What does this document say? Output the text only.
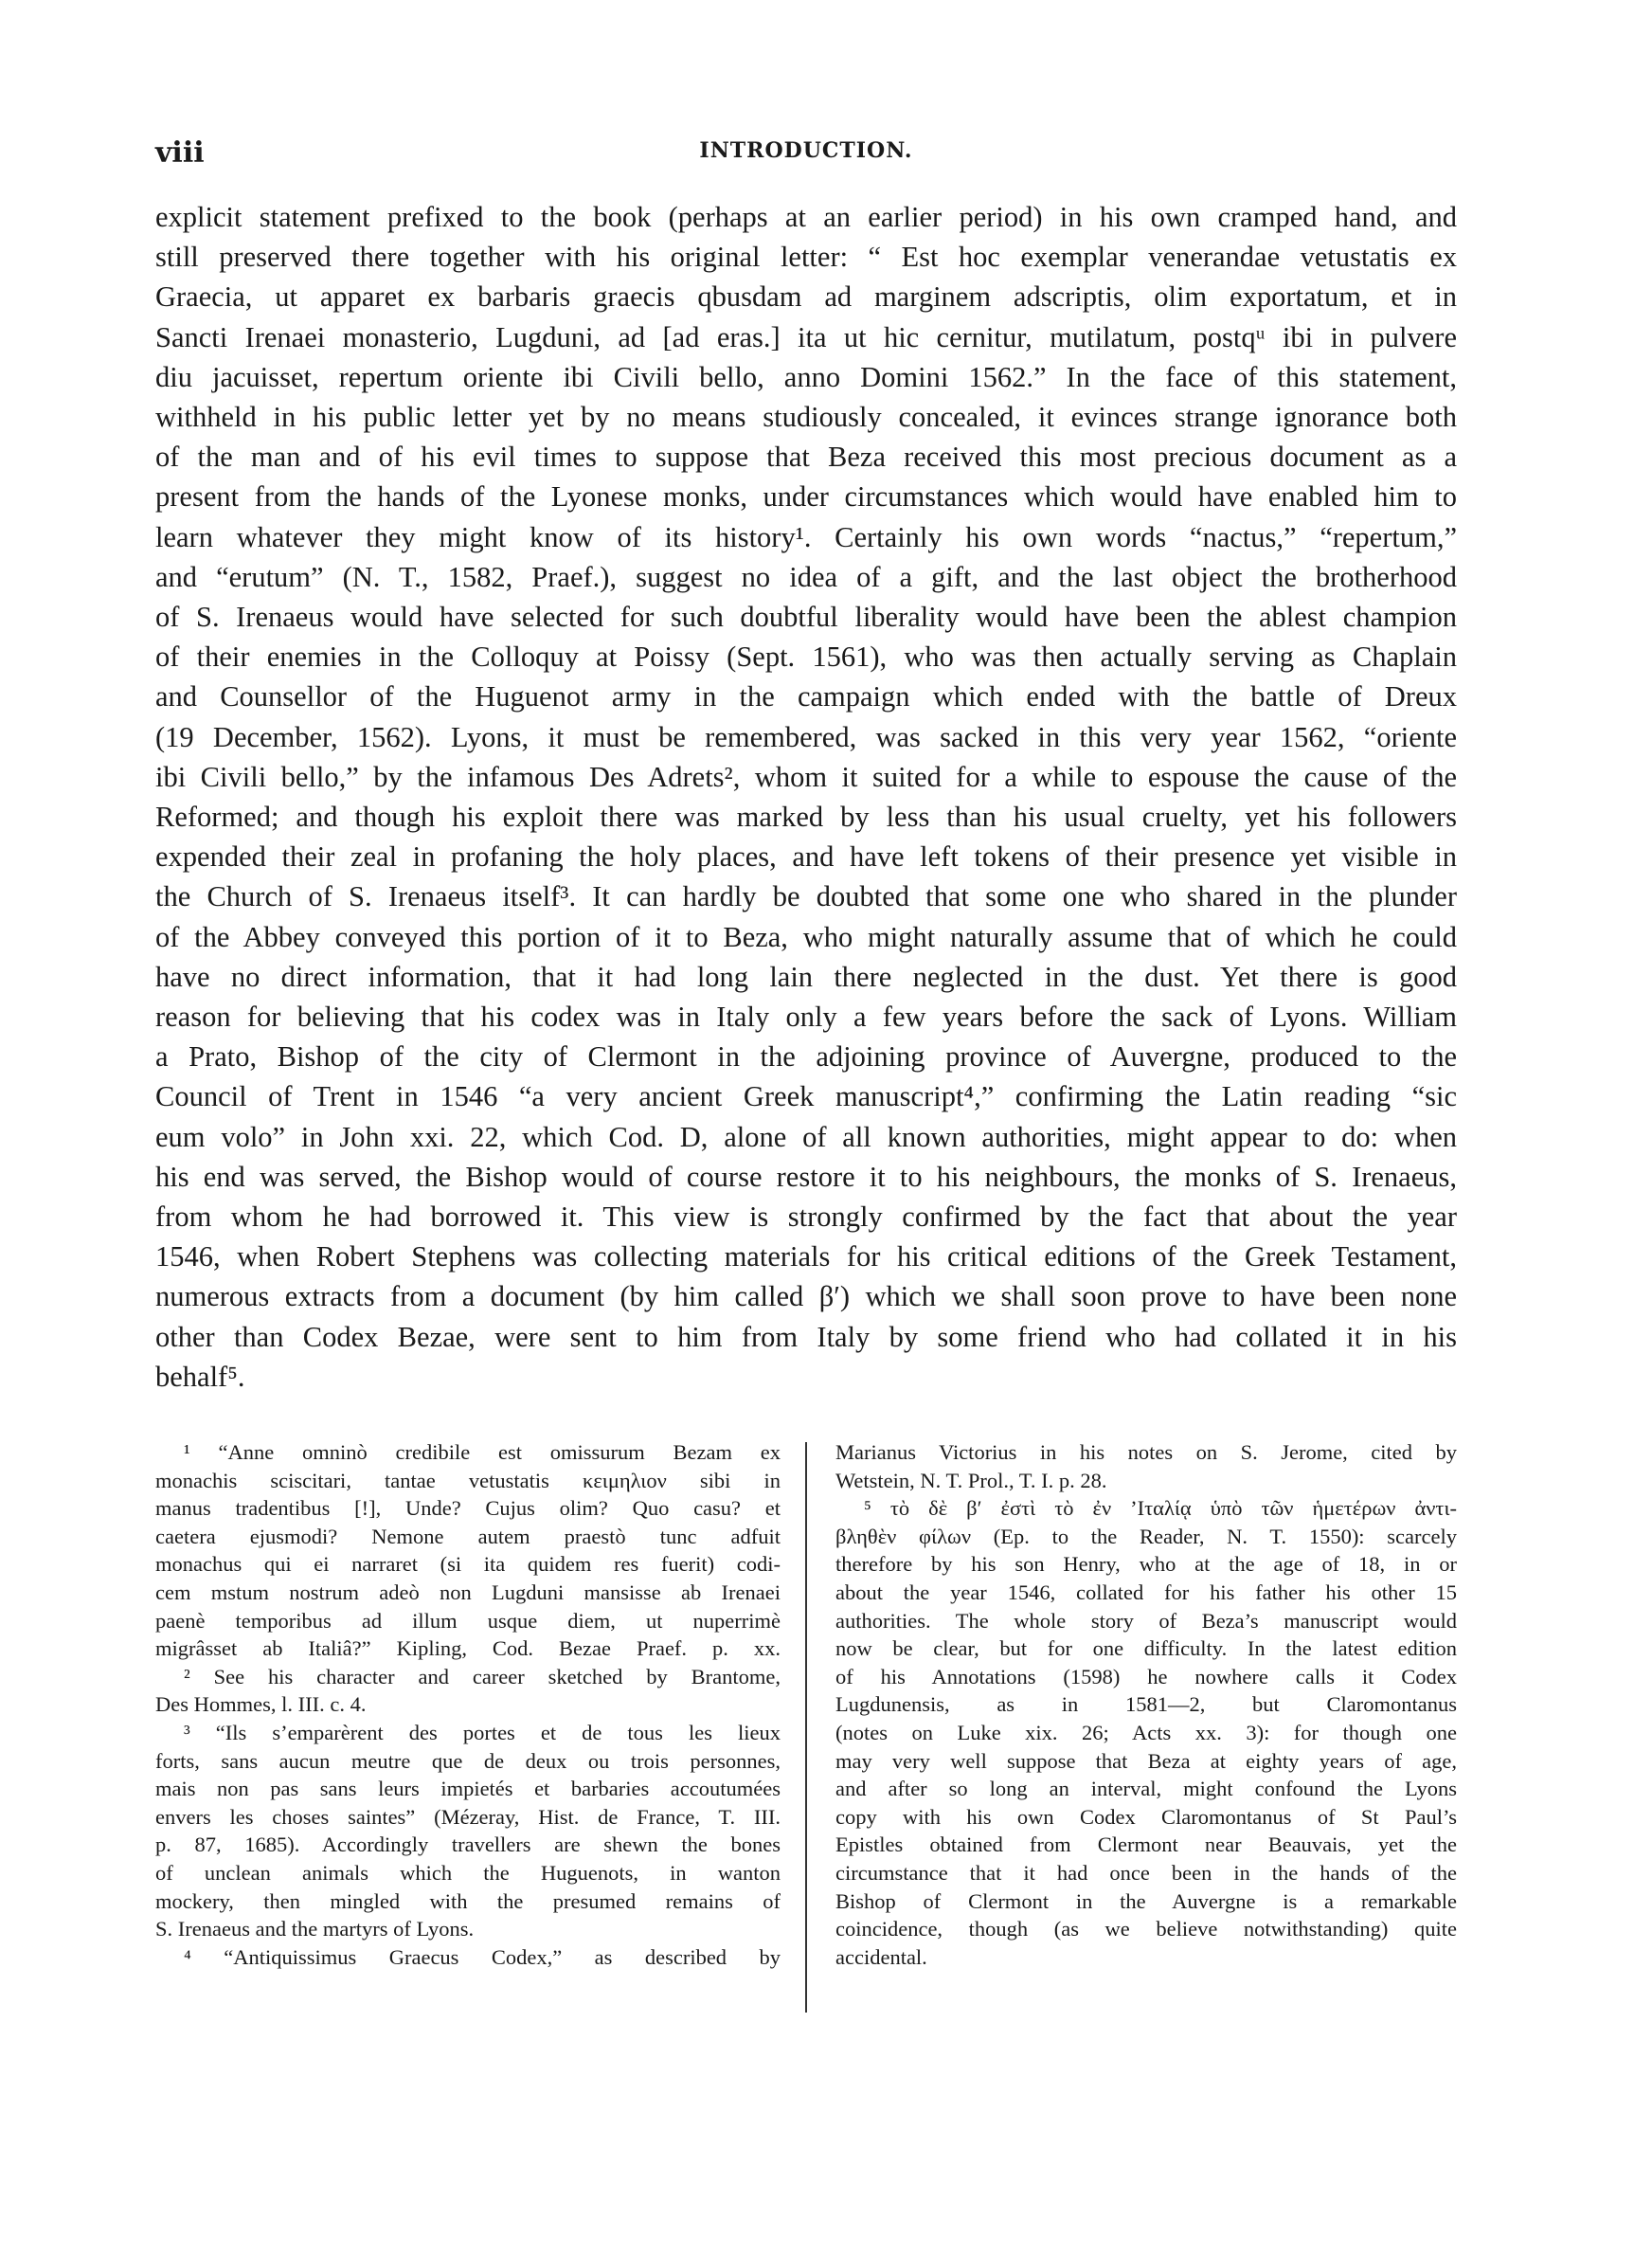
viii	INTRODUCTION.
explicit statement prefixed to the book (perhaps at an earlier period) in his own cramped hand, and
still preserved there together with his original letter: “ Est hoc exemplar venerandae vetustatis ex
Graecia, ut apparet ex barbaris graecis qbusdam ad marginem adscriptis, olim exportatum, et in
Sancti Irenaei monasterio, Lugduni, ad [ad eras.] ita ut hic cernitur, mutilatum, postqᵘ ibi in pulvere
diu jacuisset, repertum oriente ibi Civili bello, anno Domini 1562.” In the face of this statement,
withheld in his public letter yet by no means studiously concealed, it evinces strange ignorance both
of the man and of his evil times to suppose that Beza received this most precious document as a
present from the hands of the Lyonese monks, under circumstances which would have enabled him to
learn whatever they might know of its history¹. Certainly his own words “nactus,” “repertum,”
and “erutum” (N. T., 1582, Praef.), suggest no idea of a gift, and the last object the brotherhood
of S. Irenaeus would have selected for such doubtful liberality would have been the ablest champion
of their enemies in the Colloquy at Poissy (Sept. 1561), who was then actually serving as Chaplain
and Counsellor of the Huguenot army in the campaign which ended with the battle of Dreux
(19 December, 1562). Lyons, it must be remembered, was sacked in this very year 1562, “oriente
ibi Civili bello,” by the infamous Des Adrets², whom it suited for a while to espouse the cause of the
Reformed; and though his exploit there was marked by less than his usual cruelty, yet his followers
expended their zeal in profaning the holy places, and have left tokens of their presence yet visible in
the Church of S. Irenaeus itself³. It can hardly be doubted that some one who shared in the plunder
of the Abbey conveyed this portion of it to Beza, who might naturally assume that of which he could
have no direct information, that it had long lain there neglected in the dust. Yet there is good
reason for believing that his codex was in Italy only a few years before the sack of Lyons. William
a Prato, Bishop of the city of Clermont in the adjoining province of Auvergne, produced to the
Council of Trent in 1546 “a very ancient Greek manuscript⁴,” confirming the Latin reading “sic
eum volo” in John xxi. 22, which Cod. D, alone of all known authorities, might appear to do: when
his end was served, the Bishop would of course restore it to his neighbours, the monks of S. Irenaeus,
from whom he had borrowed it. This view is strongly confirmed by the fact that about the year
1546, when Robert Stephens was collecting materials for his critical editions of the Greek Testament,
numerous extracts from a document (by him called β′) which we shall soon prove to have been none
other than Codex Bezae, were sent to him from Italy by some friend who had collated it in his
behalf⁵.
¹ “Anne omninò credibile est omissurum Bezam ex
monachis sciscitari, tantae vetustatis κειμηλιον sibi in
manus tradentibus [!], Unde? Cujus olim? Quo casu? et
caetera ejusmodi? Nemone autem praestò tunc adfuit
monachus qui ei narraret (si ita quidem res fuerit) codi-
cem mstum nostrum adeò non Lugduni mansisse ab Irenaei
paenè temporibus ad illum usque diem, ut nuperrimè
migrâsset ab Italiâ?” Kipling, Cod. Bezae Praef. p. xx.
² See his character and career sketched by Brantome,
Des Hommes, l. III. c. 4.
³ “Ils s’emparèrent des portes et de tous les lieux
forts, sans aucun meutre que de deux ou trois personnes,
mais non pas sans leurs impietés et barbaries accoutumées
envers les choses saintes” (Mézeray, Hist. de France, T. III.
p. 87, 1685). Accordingly travellers are shewn the bones
of unclean animals which the Huguenots, in wanton
mockery, then mingled with the presumed remains of
S. Irenaeus and the martyrs of Lyons.
⁴ “Antiquissimus Graecus Codex,” as described by
Marianus Victorius in his notes on S. Jerome, cited by
Wetstein, N. T. Prol., T. I. p. 28.
⁵ τὸ δὲ β′ ἐστὶ τὸ ἐν ’Ιταλίᾳ ὑπὸ τῶν ἡμετέρων ἀντι-
βληθὲν φίλων (Ep. to the Reader, N. T. 1550): scarcely
therefore by his son Henry, who at the age of 18, in or
about the year 1546, collated for his father his other 15
authorities. The whole story of Beza’s manuscript would
now be clear, but for one difficulty. In the latest edition
of his Annotations (1598) he nowhere calls it Codex
Lugdunensis, as in 1581—2, but Claromontanus
(notes on Luke xix. 26; Acts xx. 3): for though one
may very well suppose that Beza at eighty years of age,
and after so long an interval, might confound the Lyons
copy with his own Codex Claromontanus of St Paul’s
Epistles obtained from Clermont near Beauvais, yet the
circumstance that it had once been in the hands of the
Bishop of Clermont in the Auvergne is a remarkable
coincidence, though (as we believe notwithstanding) quite
accidental.
